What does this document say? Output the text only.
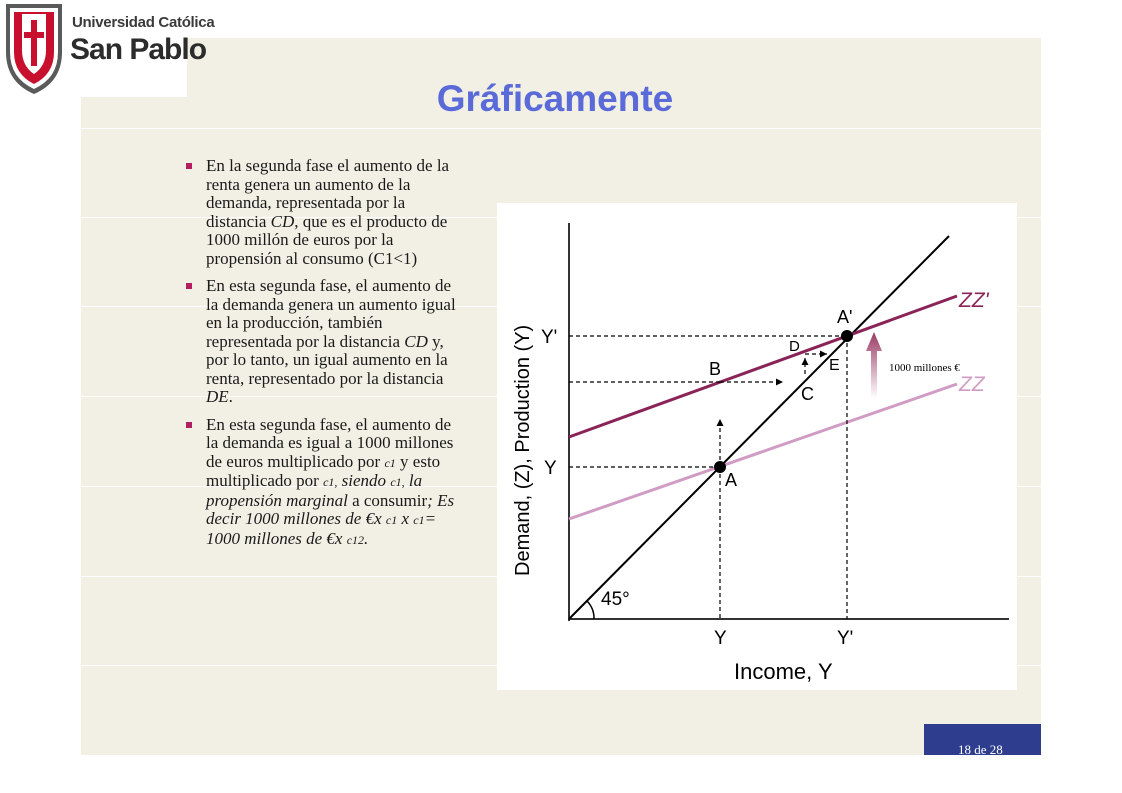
Universidad Católica
San Pablo
Gráficamente
En la segunda fase el aumento de la renta genera un aumento de la demanda, representada por la distancia CD, que es el producto de 1000 millón de euros por la propensión al consumo (C1<1)
En esta segunda fase, el aumento de la demanda genera un aumento igual en la producción, también representada por la distancia CD y, por lo tanto, un igual aumento en la renta, representado por la distancia DE.
En esta segunda fase, el aumento de la demanda es igual a 1000 millones de euros multiplicado por c1 y esto multiplicado por c1, siendo c1, la propensión marginal a consumir; Es decir 1000 millones de €x c1 x c1= 1000 millones de €x c12.	Demand, (Z), Production (Y)
Income, Y
45°
Y	Y'
Y'
Y
ZZ'
ZZ
A
B
C
D
E
A'
1000 millones €
18 de 28
